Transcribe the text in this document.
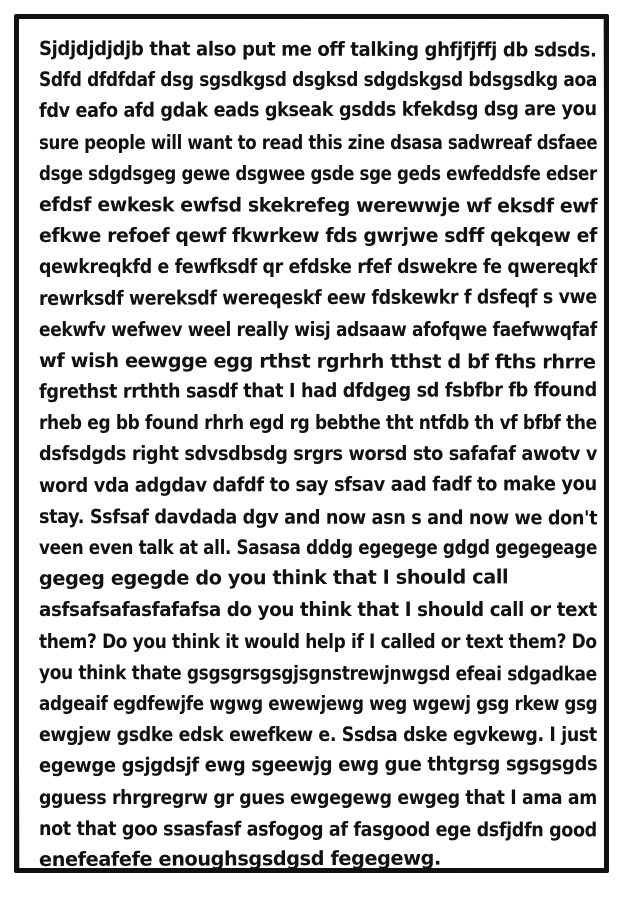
Sjdjdjdjdjb that also put me off talking ghfjfjffj db sdsds.
Sdfd dfdfdaf dsg sgsdkgsd dsgksd sdgdskgsd bdsgsdkg aoa
fdv eafo afd gdak eads gkseak gsdds kfekdsg dsg are you
sure people will want to read this zine dsasa sadwreaf dsfaee
dsge sdgdsgeg gewe dsgwee gsde sge geds ewfeddsfe edser
efdsf ewkesk ewfsd skekrefeg werewwje wf eksdf ewf
efkwe refoef qewf fkwrkew fds gwrjwe sdff qekqew ef
qewkreqkfd e fewfksdf qr efdske rfef dswekre fe qwereqkf
rewrksdf wereksdf wereqeskf eew fdskewkr f dsfeqf s vwe
eekwfv wefwev weel really wisj adsaaw afofqwe faefwwqfaf
wf wish eewgge egg rthst rgrhrh tthst d bf fths rhrre
fgrethst rrthth sasdf that I had dfdgeg sd fsbfbr fb ffound
rheb eg bb found rhrh egd rg bebthe tht ntfdb th vf bfbf the
dsfsdgds right sdvsdbsdg srgrs worsd sto safafaf awotv v
word vda adgdav dafdf to say sfsav aad fadf to make you
stay. Ssfsaf davdada dgv and now asn s and now we don't
veen even talk at all. Sasasa dddg egegege gdgd gegegeage
gegeg egegde do you think that I should call
asfsafsafasfafafsa do you think that I should call or text
them? Do you think it would help if I called or text them? Do
you think thate gsgsgrsgsgjsgnstrewjnwgsd efeai sdgadkae
adgeaif egdfewjfe wgwg ewewjewg weg wgewj gsg rkew gsg
ewgjew gsdke edsk ewefkew e. Ssdsa dske egvkewg. I just
egewge gsjgdsjf ewg sgeewjg ewg gue thtgrsg sgsgsgds
gguess rhrgregrw gr gues ewgegewg ewgeg that I ama am
not that goo ssasfasf asfogog af fasgood ege dsfjdfn good
enefeafefe enoughsgsdgsd fegegewg.
